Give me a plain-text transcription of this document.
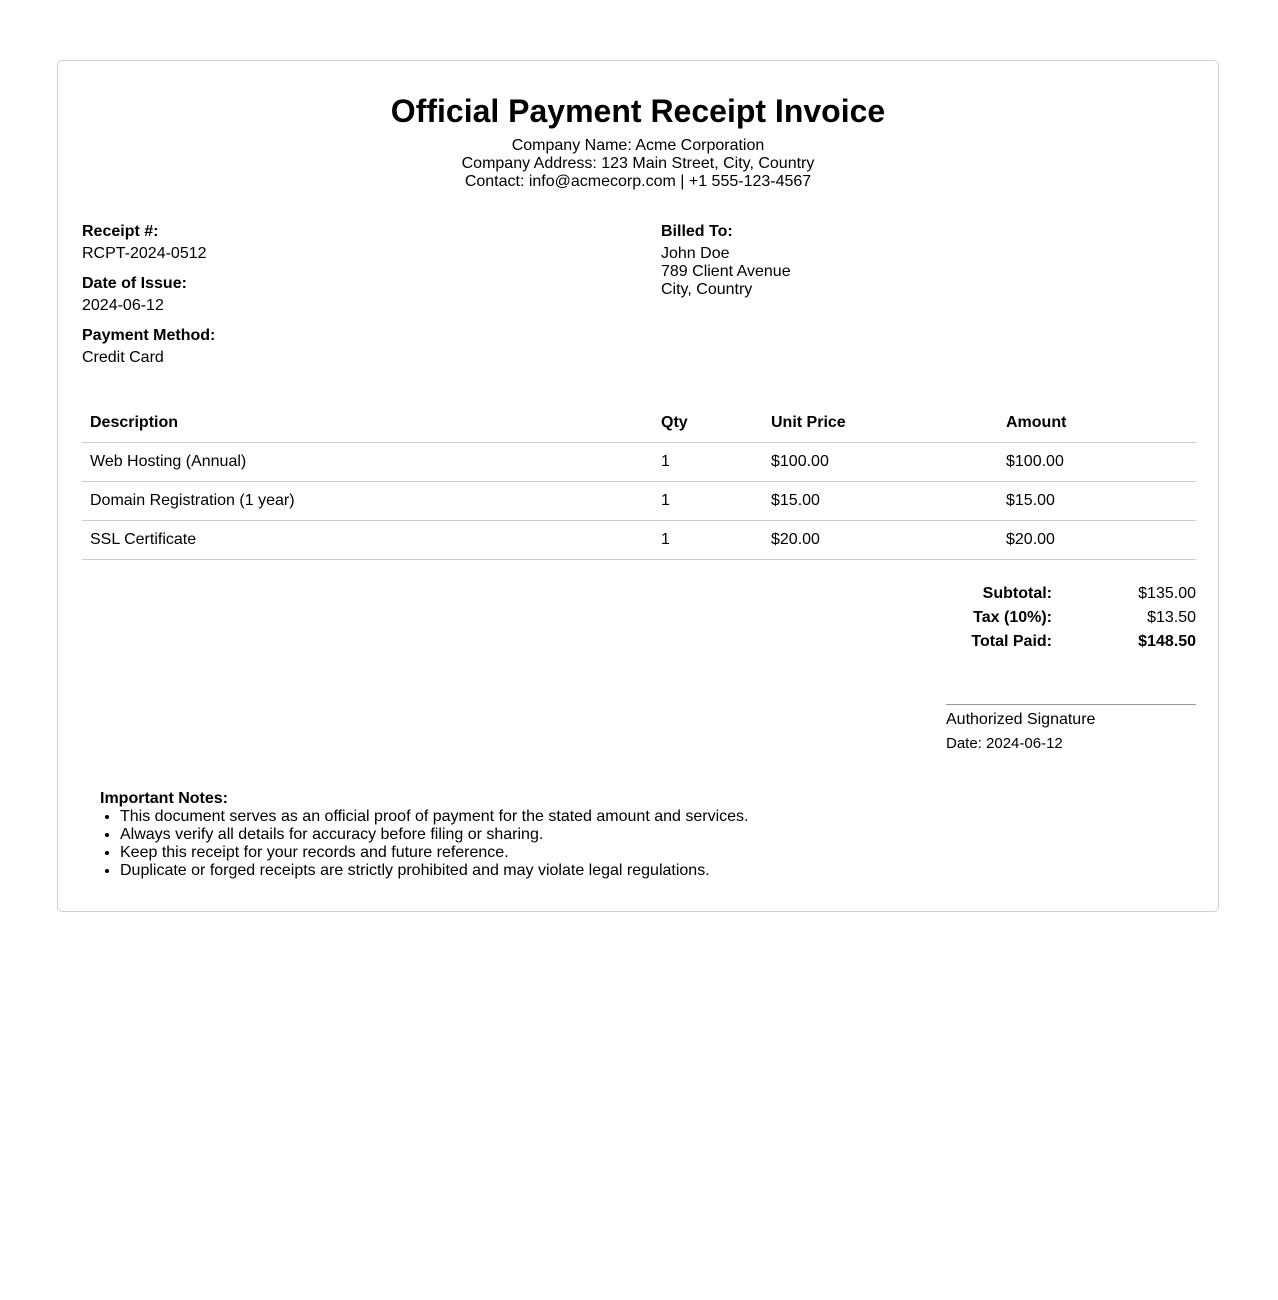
Official Payment Receipt Invoice
Company Name: Acme Corporation
Company Address: 123 Main Street, City, Country
Contact: info@acmecorp.com | +1 555-123-4567
Receipt #:
RCPT-2024-0512
Date of Issue:
2024-06-12
Payment Method:
Credit Card
Billed To:
John Doe
789 Client Avenue
City, Country
Description	Qty	Unit Price	Amount
Web Hosting (Annual)	1	$100.00	$100.00
Domain Registration (1 year)	1	$15.00	$15.00
SSL Certificate	1	$20.00	$20.00
Subtotal:	$135.00
Tax (10%):	$13.50
Total Paid:	$148.50
Authorized Signature
Date: 2024-06-12
Important Notes:
• This document serves as an official proof of payment for the stated amount and services.
• Always verify all details for accuracy before filing or sharing.
• Keep this receipt for your records and future reference.
• Duplicate or forged receipts are strictly prohibited and may violate legal regulations.
